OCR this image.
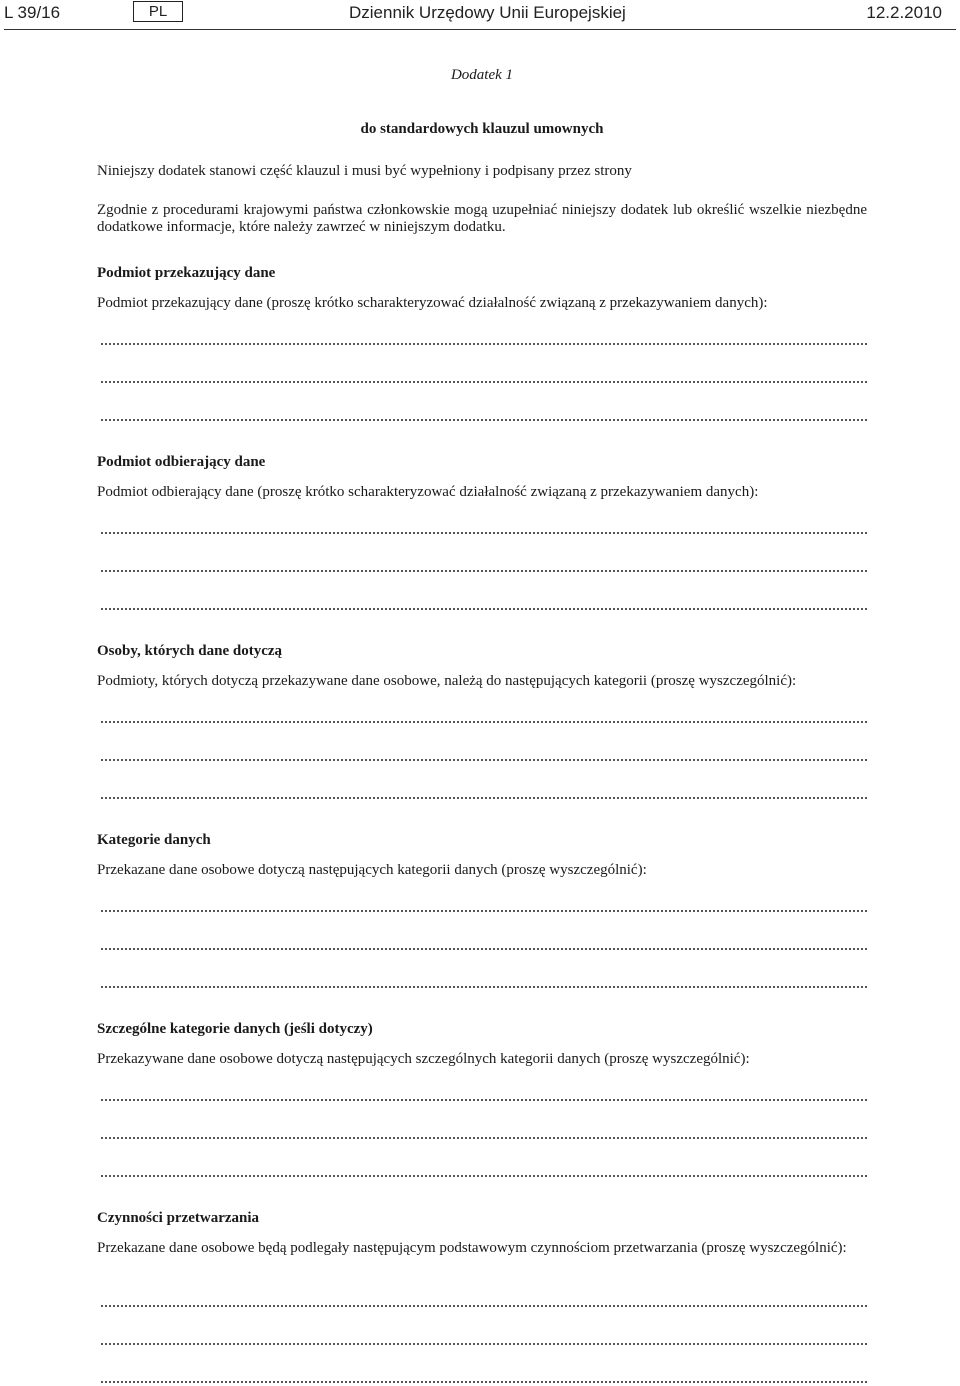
L 39/16	PL	Dziennik Urzędowy Unii Europejskiej	12.2.2010
Dodatek 1
do standardowych klauzul umownych
Niniejszy dodatek stanowi część klauzul i musi być wypełniony i podpisany przez strony
Zgodnie z procedurami krajowymi państwa członkowskie mogą uzupełniać niniejszy dodatek lub określić wszelkie niezbędne dodatkowe informacje, które należy zawrzeć w niniejszym dodatku.
Podmiot przekazujący dane
Podmiot przekazujący dane (proszę krótko scharakteryzować działalność związaną z przekazywaniem danych):
Podmiot odbierający dane
Podmiot odbierający dane (proszę krótko scharakteryzować działalność związaną z przekazywaniem danych):
Osoby, których dane dotyczą
Podmioty, których dotyczą przekazywane dane osobowe, należą do następujących kategorii (proszę wyszczególnić):
Kategorie danych
Przekazane dane osobowe dotyczą następujących kategorii danych (proszę wyszczególnić):
Szczególne kategorie danych (jeśli dotyczy)
Przekazywane dane osobowe dotyczą następujących szczególnych kategorii danych (proszę wyszczególnić):
Czynności przetwarzania
Przekazane dane osobowe będą podlegały następującym podstawowym czynnościom przetwarzania (proszę wyszczególnić):
